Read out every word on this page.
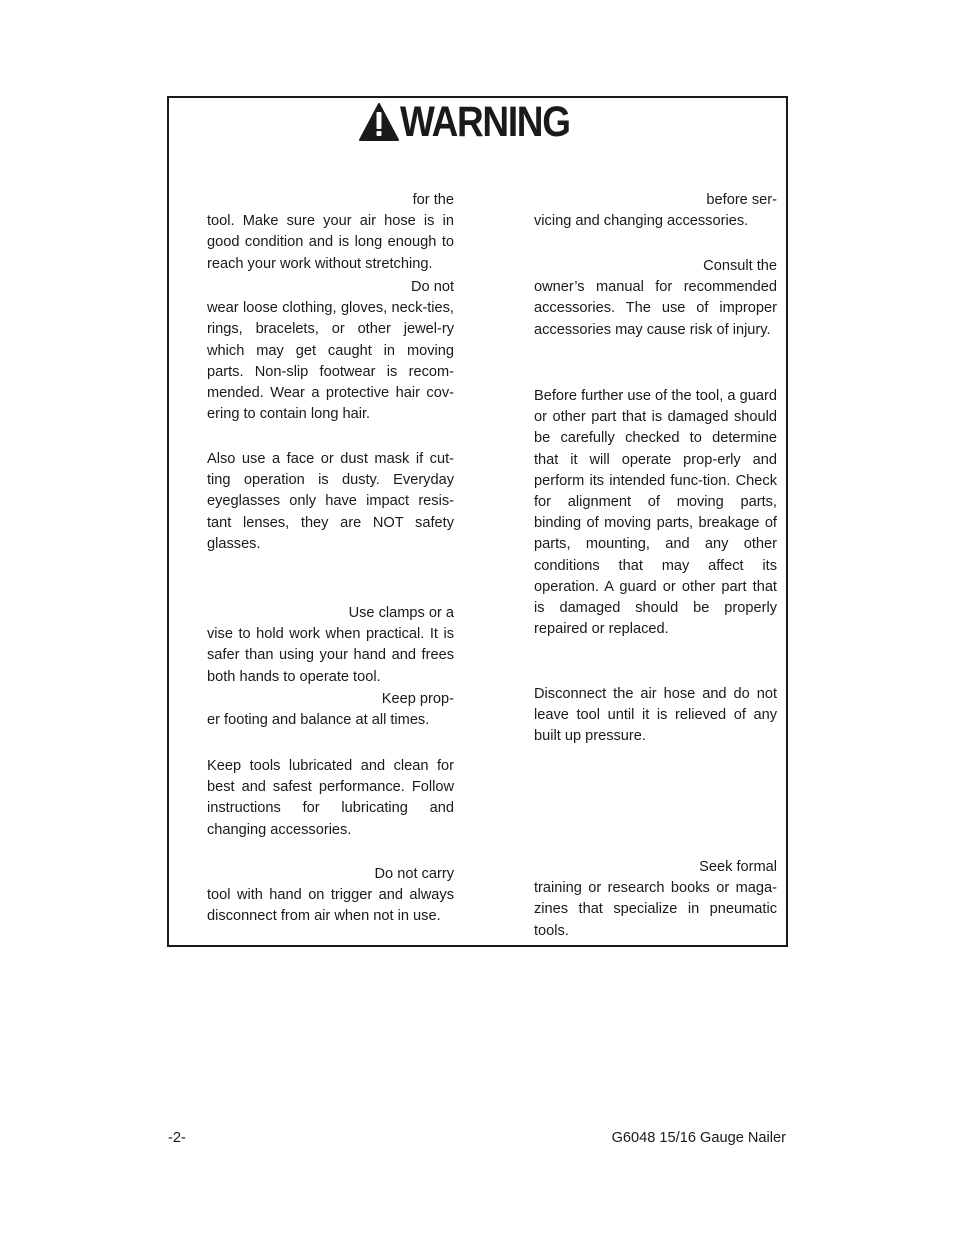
WARNING

for the

tool. Make sure your air hose is in good condition and is long enough to reach your work without stretching.

Do not

wear loose clothing, gloves, neck-ties, rings, bracelets, or other jewel-ry which may get caught in moving parts. Non-slip footwear is recom-mended. Wear a protective hair cov-ering to contain long hair.

Also use a face or dust mask if cut-ting operation is dusty. Everyday eyeglasses only have impact resis-tant lenses, they are NOT safety glasses.

Use clamps or a

vise to hold work when practical. It is safer than using your hand and frees both hands to operate tool.

Keep prop-

er footing and balance at all times.

Keep tools lubricated and clean for best and safest performance. Follow instructions for lubricating and changing accessories.

Do not carry

tool with hand on trigger and always disconnect from air when not in use.

before ser-

vicing and changing accessories.

Consult the

owner’s manual for recommended accessories. The use of improper accessories may cause risk of injury.

Before further use of the tool, a guard or other part that is damaged should be carefully checked to determine that it will operate prop-erly and perform its intended func-tion. Check for alignment of moving parts, binding of moving parts, breakage of parts, mounting, and any other conditions that may affect its operation. A guard or other part that is damaged should be properly repaired or replaced.

Disconnect the air hose and do not leave tool until it is relieved of any built up pressure.

Seek formal

training or research books or maga-zines that specialize in pneumatic tools.

-2-	G6048 15/16 Gauge Nailer
